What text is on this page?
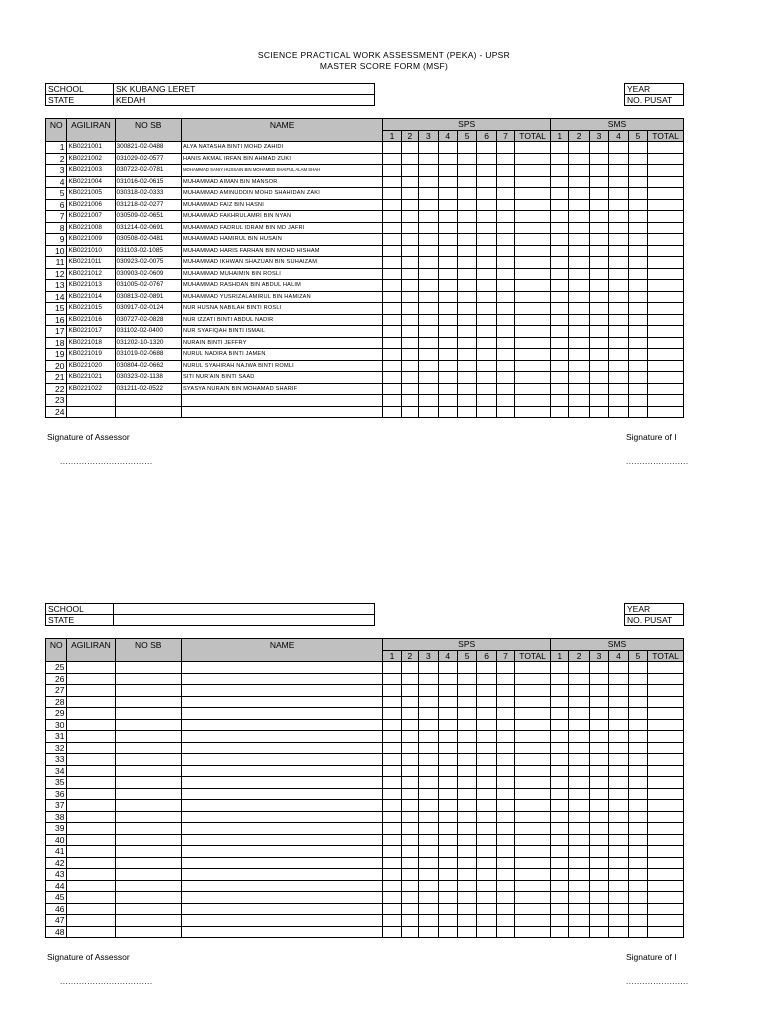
SCIENCE PRACTICAL WORK ASSESSMENT (PEKA) - UPSR
MASTER SCORE FORM (MSF)
SCHOOL	SK KUBANG LERET
STATE	KEDAH
YEAR
NO. PUSAT
NO	AGILIRAN	NO SB	NAME	SPS								SMS					
				1	2	3	4	5	6	7	TOTAL	1	2	3	4	5	TOTAL
1	KB0221001	300821-02-0488	ALYA NATASHA BINTI MOHD ZAHIDI														
2	KB0221002	031029-02-0577	HANIS AKMAL IRFAN BIN AHMAD ZUKI														
3	KB0221003	030722-02-0781	MOHAMMAD SANIY HUSSAIN BIN MOHAMED SHAIFUL ALAM SHAH														
4	KB0221004	031016-02-0615	MUHAMMAD AIMAN BIN MANSOR														
5	KB0221005	030318-02-0333	MUHAMMAD AMINUDDIN MOHD SHAHIDAN ZAKI														
6	KB0221006	031218-02-0277	MUHAMMAD FAIZ BIN HASNI														
7	KB0221007	030509-02-0651	MUHAMMAD FAKHRULAMRI BIN NYAN														
8	KB0221008	031214-02-0691	MUHAMMAD FADRUL IDRAM BIN MD JAFRI														
9	KB0221009	030508-02-0481	MUHAMMAD HAMIRUL BIN HUSAIN														
10	KB0221010	031103-02-1085	MUHAMMAD HARIS FARHAN BIN MOHD HISHAM														
11	KB0221011	030923-02-0075	MUHAMMAD IKHWAN SHAZUAN BIN SUHAIZAM														
12	KB0221012	030903-02-0609	MUHAMMAD MUHAIMIN BIN ROSLI														
13	KB0221013	031005-02-0767	MUHAMMAD RASHDAN BIN ABDUL HALIM														
14	KB0221014	030813-02-0891	MUHAMMAD YUSRIZALAMIRUL BIN HAMIZAN														
15	KB0221015	030917-02-0124	NUR HUSNA NABILAH BINTI ROSLI														
16	KB0221016	030727-02-0828	NUR IZZATI BINTI ABDUL NADIR														
17	KB0221017	031102-02-0400	NUR SYAFIQAH BINTI ISMAIL														
18	KB0221018	031202-10-1320	NURAIN BINTI JEFFRY														
19	KB0221019	031019-02-0688	NURUL NADIRA BINTI JAMEN														
20	KB0221020	030804-02-0662	NURUL SYAHIRAH NAJWA BINTI ROMLI														
21	KB0221021	030323-02-1138	SITI NUR'AIN BINTI SAAD														
22	KB0221022	031211-02-0522	SYASYA NURAIN BIN MOHAMAD SHARIF														
23																	
24																	
Signature of Assessor	Signature of I
..................................	.......................
SCHOOL	
STATE	
YEAR
NO. PUSAT
NO	AGILIRAN	NO SB	NAME	SPS								SMS					
				1	2	3	4	5	6	7	TOTAL	1	2	3	4	5	TOTAL
25																	
26																	
27																	
28																	
29																	
30																	
31																	
32																	
33																	
34																	
35																	
36																	
37																	
38																	
39																	
40																	
41																	
42																	
43																	
44																	
45																	
46																	
47																	
48																	
Signature of Assessor	Signature of I
..................................	.......................
